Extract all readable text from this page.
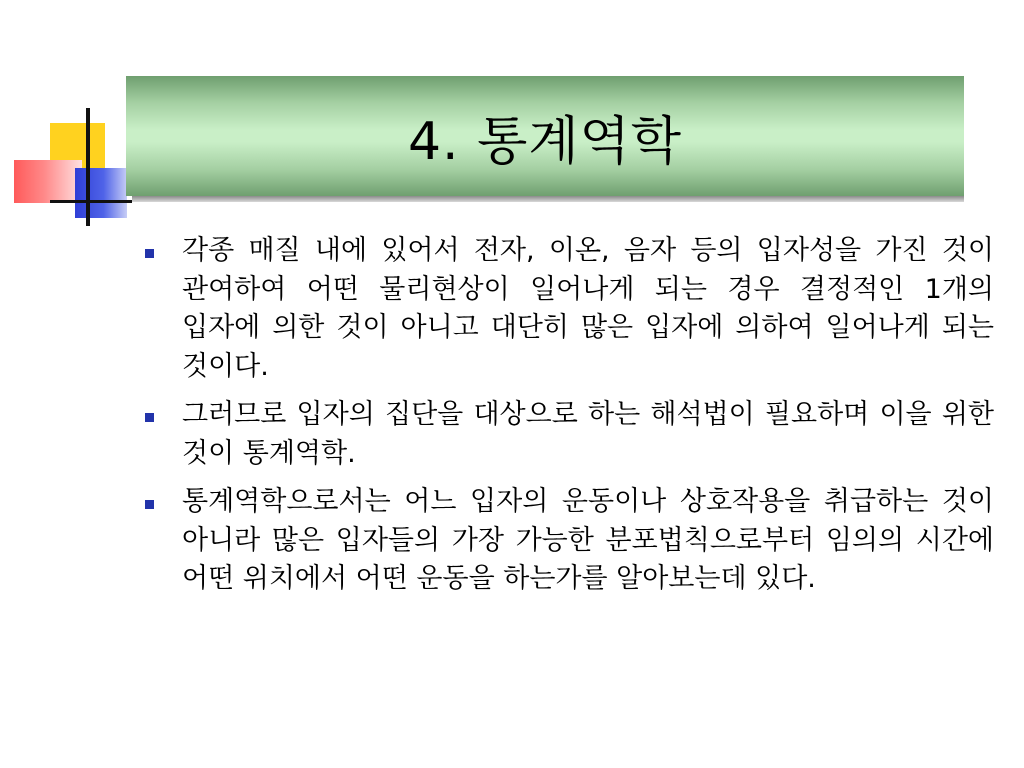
4. 통계역학
각종 매질 내에 있어서 전자, 이온, 음자 등의 입자성을 가진 것이 관여하여 어떤 물리현상이 일어나게 되는 경우 결정적인 1개의 입자에 의한 것이 아니고 대단히 많은 입자에 의하여 일어나게 되는 것이다.
그러므로 입자의 집단을 대상으로 하는 해석법이 필요하며 이을 위한 것이 통계역학.
통계역학으로서는 어느 입자의 운동이나 상호작용을 취급하는 것이 아니라 많은 입자들의 가장 가능한 분포법칙으로부터 임의의 시간에 어떤 위치에서 어떤 운동을 하는가를 알아보는데 있다.
